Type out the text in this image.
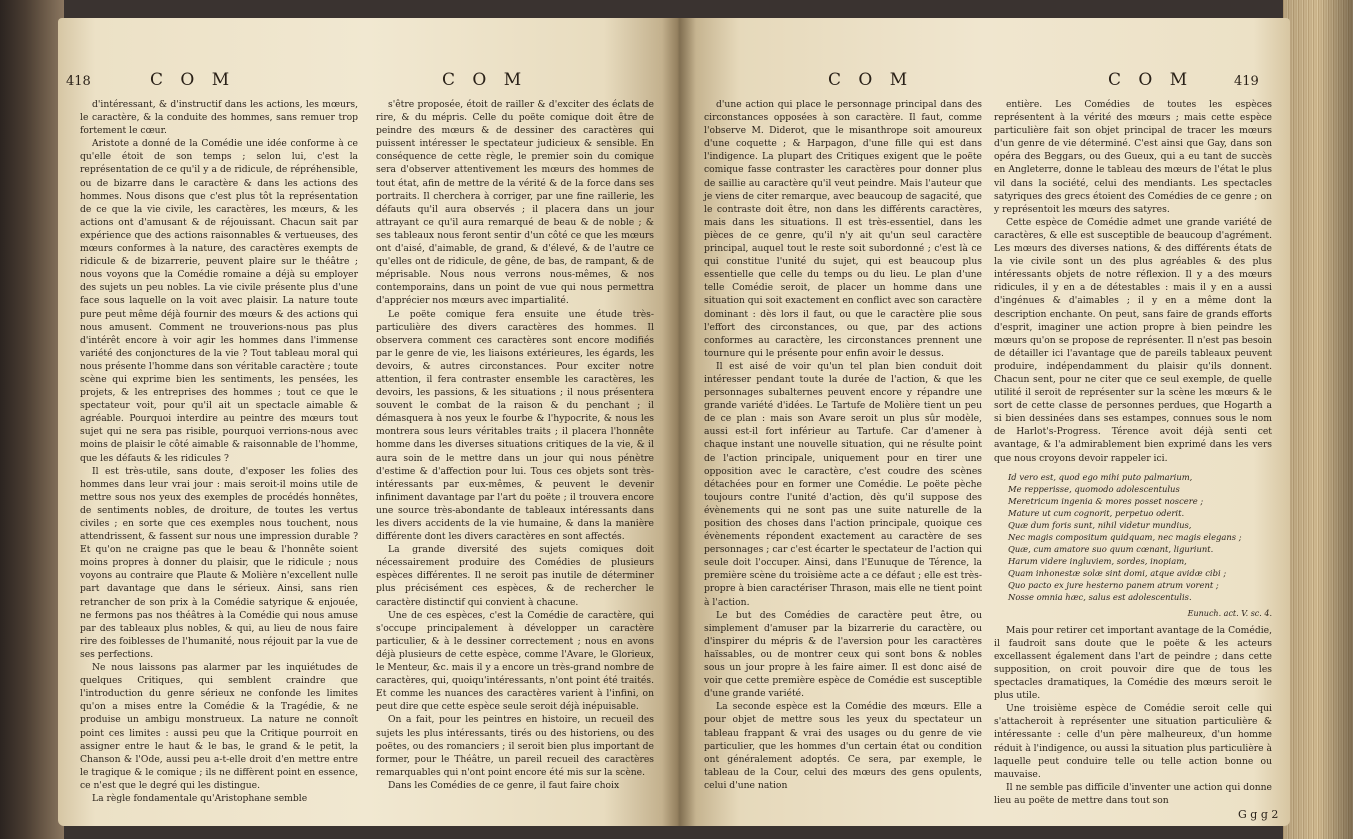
418	C O M	C O M

d'intéressant, & d'instructif dans les actions, les mœurs, le caractère, & la conduite des hommes, sans remuer trop fortement le cœur.

Aristote a donné de la Comédie une idée conforme à ce qu'elle étoit de son temps ; selon lui, c'est la représentation de ce qu'il y a de ridicule, de répréhensible, ou de bizarre dans le caractère & dans les actions des hommes. Nous disons que c'est plus tôt la représentation de ce que la vie civile, les caractères, les mœurs, & les actions ont d'amusant & de réjouissant. Chacun sait par expérience que des actions raisonnables & vertueuses, des mœurs conformes à la nature, des caractères exempts de ridicule & de bizarrerie, peuvent plaire sur le théâtre ; nous voyons que la Comédie romaine a déjà su employer des sujets un peu nobles. La vie civile présente plus d'une face sous laquelle on la voit avec plaisir. La nature toute pure peut même déjà fournir des mœurs & des actions qui nous amusent. Comment ne trouverions-nous pas plus d'intérêt encore à voir agir les hommes dans l'immense variété des conjonctures de la vie ? Tout tableau moral qui nous présente l'homme dans son véritable caractère ; toute scène qui exprime bien les sentiments, les pensées, les projets, & les entreprises des hommes ; tout ce que le spectateur voit, pour qu'il ait un spectacle aimable & agréable. Pourquoi interdire au peintre des mœurs tout sujet qui ne sera pas risible, pourquoi verrions-nous avec moins de plaisir le côté aimable & raisonnable de l'homme, que les défauts & les ridicules ?

Il est très-utile, sans doute, d'exposer les folies des hommes dans leur vrai jour : mais seroit-il moins utile de mettre sous nos yeux des exemples de procédés honnêtes, de sentiments nobles, de droiture, de toutes les vertus civiles ; en sorte que ces exemples nous touchent, nous attendrissent, & fassent sur nous une impression durable ? Et qu'on ne craigne pas que le beau & l'honnête soient moins propres à donner du plaisir, que le ridicule ; nous voyons au contraire que Plaute & Molière n'excellent nulle part davantage que dans le sérieux. Ainsi, sans rien retrancher de son prix à la Comédie satyrique & enjouée, ne fermons pas nos théâtres à la Comédie qui nous amuse par des tableaux plus nobles, & qui, au lieu de nous faire rire des foiblesses de l'humanité, nous réjouit par la vue de ses perfections.

Ne nous laissons pas alarmer par les inquiétudes de quelques Critiques, qui semblent craindre que l'introduction du genre sérieux ne confonde les limites qu'on a mises entre la Comédie & la Tragédie, & ne produise un ambigu monstrueux. La nature ne connoît point ces limites : aussi peu que la Critique pourroit en assigner entre le haut & le bas, le grand & le petit, la Chanson & l'Ode, aussi peu a-t-elle droit d'en mettre entre le tragique & le comique ; ils ne diffèrent point en essence, ce n'est que le degré qui les distingue.

La règle fondamentale qu'Aristophane semble

s'être proposée, étoit de railler & d'exciter des éclats de rire, & du mépris. Celle du poëte comique doit être de peindre des mœurs & de dessiner des caractères qui puissent intéresser le spectateur judicieux & sensible. En conséquence de cette règle, le premier soin du comique sera d'observer attentivement les mœurs des hommes de tout état, afin de mettre de la vérité & de la force dans ses portraits. Il cherchera à corriger, par une fine raillerie, les défauts qu'il aura observés ; il placera dans un jour attrayant ce qu'il aura remarqué de beau & de noble ; & ses tableaux nous feront sentir d'un côté ce que les mœurs ont d'aisé, d'aimable, de grand, & d'élevé, & de l'autre ce qu'elles ont de ridicule, de gêne, de bas, de rampant, & de méprisable. Nous nous verrons nous-mêmes, & nos contemporains, dans un point de vue qui nous permettra d'apprécier nos mœurs avec impartialité.

Le poëte comique fera ensuite une étude très-particulière des divers caractères des hommes. Il observera comment ces caractères sont encore modifiés par le genre de vie, les liaisons extérieures, les égards, les devoirs, & autres circonstances. Pour exciter notre attention, il fera contraster ensemble les caractères, les devoirs, les passions, & les situations ; il nous présentera souvent le combat de la raison & du penchant ; il démasquera à nos yeux le fourbe & l'hypocrite, & nous les montrera sous leurs véritables traits ; il placera l'honnête homme dans les diverses situations critiques de la vie, & il aura soin de le mettre dans un jour qui nous pénètre d'estime & d'affection pour lui. Tous ces objets sont très-intéressants par eux-mêmes, & peuvent le devenir infiniment davantage par l'art du poëte ; il trouvera encore une source très-abondante de tableaux intéressants dans les divers accidents de la vie humaine, & dans la manière différente dont les divers caractères en sont affectés.

La grande diversité des sujets comiques doit nécessairement produire des Comédies de plusieurs espèces différentes. Il ne seroit pas inutile de déterminer plus précisément ces espèces, & de rechercher le caractère distinctif qui convient à chacune.

Une de ces espèces, c'est la Comédie de caractère, qui s'occupe principalement à développer un caractère particulier, & à le dessiner correctement ; nous en avons déjà plusieurs de cette espèce, comme l'Avare, le Glorieux, le Menteur, &c. mais il y a encore un très-grand nombre de caractères, qui, quoiqu'intéressants, n'ont point été traités. Et comme les nuances des caractères varient à l'infini, on peut dire que cette espèce seule seroit déjà inépuisable.

On a fait, pour les peintres en histoire, un recueil des sujets les plus intéressants, tirés ou des historiens, ou des poëtes, ou des romanciers ; il seroit bien plus important de former, pour le Théâtre, un pareil recueil des caractères remarquables qui n'ont point encore été mis sur la scène.

Dans les Comédies de ce genre, il faut faire choix

C O M	C O M	419

d'une action qui place le personnage principal dans des circonstances opposées à son caractère. Il faut, comme l'observe M. Diderot, que le misanthrope soit amoureux d'une coquette ; & Harpagon, d'une fille qui est dans l'indigence. La plupart des Critiques exigent que le poëte comique fasse contraster les caractères pour donner plus de saillie au caractère qu'il veut peindre. Mais l'auteur que je viens de citer remarque, avec beaucoup de sagacité, que le contraste doit être, non dans les différents caractères, mais dans les situations. Il est très-essentiel, dans les pièces de ce genre, qu'il n'y ait qu'un seul caractère principal, auquel tout le reste soit subordonné ; c'est là ce qui constitue l'unité du sujet, qui est beaucoup plus essentielle que celle du temps ou du lieu. Le plan d'une telle Comédie seroit, de placer un homme dans une situation qui soit exactement en conflict avec son caractère dominant : dès lors il faut, ou que le caractère plie sous l'effort des circonstances, ou que, par des actions conformes au caractère, les circonstances prennent une tournure qui le présente pour enfin avoir le dessus.

Il est aisé de voir qu'un tel plan bien conduit doit intéresser pendant toute la durée de l'action, & que les personnages subalternes peuvent encore y répandre une grande variété d'idées. Le Tartufe de Molière tient un peu de ce plan : mais son Avare seroit un plus sûr modèle, aussi est-il fort inférieur au Tartufe. Car d'amener à chaque instant une nouvelle situation, qui ne résulte point de l'action principale, uniquement pour en tirer une opposition avec le caractère, c'est coudre des scènes détachées pour en former une Comédie. Le poëte pèche toujours contre l'unité d'action, dès qu'il suppose des évènements qui ne sont pas une suite naturelle de la position des choses dans l'action principale, quoique ces évènements répondent exactement au caractère de ses personnages ; car c'est écarter le spectateur de l'action qui seule doit l'occuper. Ainsi, dans l'Eunuque de Térence, la première scène du troisième acte a ce défaut ; elle est très-propre à bien caractériser Thrason, mais elle ne tient point à l'action.

Le but des Comédies de caractère peut être, ou simplement d'amuser par la bizarrerie du caractère, ou d'inspirer du mépris & de l'aversion pour les caractères haïssables, ou de montrer ceux qui sont bons & nobles sous un jour propre à les faire aimer. Il est donc aisé de voir que cette première espèce de Comédie est susceptible d'une grande variété.

La seconde espèce est la Comédie des mœurs. Elle a pour objet de mettre sous les yeux du spectateur un tableau frappant & vrai des usages ou du genre de vie particulier, que les hommes d'un certain état ou condition ont généralement adoptés. Ce sera, par exemple, le tableau de la Cour, celui des mœurs des gens opulents, celui d'une nation

entière. Les Comédies de toutes les espèces représentent à la vérité des mœurs ; mais cette espèce particulière fait son objet principal de tracer les mœurs d'un genre de vie déterminé. C'est ainsi que Gay, dans son opéra des Beggars, ou des Gueux, qui a eu tant de succès en Angleterre, donne le tableau des mœurs de l'état le plus vil dans la société, celui des mendiants. Les spectacles satyriques des grecs étoient des Comédies de ce genre ; on y représentoit les mœurs des satyres.

Cette espèce de Comédie admet une grande variété de caractères, & elle est susceptible de beaucoup d'agrément. Les mœurs des diverses nations, & des différents états de la vie civile sont un des plus agréables & des plus intéressants objets de notre réflexion. Il y a des mœurs ridicules, il y en a de détestables : mais il y en a aussi d'ingénues & d'aimables ; il y en a même dont la description enchante. On peut, sans faire de grands efforts d'esprit, imaginer une action propre à bien peindre les mœurs qu'on se propose de représenter. Il n'est pas besoin de détailler ici l'avantage que de pareils tableaux peuvent produire, indépendamment du plaisir qu'ils donnent. Chacun sent, pour ne citer que ce seul exemple, de quelle utilité il seroit de représenter sur la scène les mœurs & le sort de cette classe de personnes perdues, que Hogarth a si bien dessinées dans ses estampes, connues sous le nom de Harlot's-Progress. Térence avoit déjà senti cet avantage, & l'a admirablement bien exprimé dans les vers que nous croyons devoir rappeler ici.

Id vero est, quod ego mihi puto palmarium,
Me repperisse, quomodo adolescentulus
Meretricum ingenia & mores posset noscere ;
Mature ut cum cognorit, perpetuo oderit.
Quæ dum foris sunt, nihil videtur mundius,
Nec magis compositum quidquam, nec magis elegans ;
Quæ, cum amatore suo quum cœnant, liguriunt.
Harum videre ingluviem, sordes, inopiam,
Quam inhonestæ solæ sint domi, atque avidæ cibi ;
Quo pacto ex jure hesterno panem atrum vorent ;
Nosse omnia hæc, salus est adolescentulis.
Eunuch. act. V. sc. 4.

Mais pour retirer cet important avantage de la Comédie, il faudroit sans doute que le poëte & les acteurs excellassent également dans l'art de peindre ; dans cette supposition, on croit pouvoir dire que de tous les spectacles dramatiques, la Comédie des mœurs seroit le plus utile.

Une troisième espèce de Comédie seroit celle qui s'attacheroit à représenter une situation particulière & intéressante : celle d'un père malheureux, d'un homme réduit à l'indigence, ou aussi la situation plus particulière à laquelle peut conduire telle ou telle action bonne ou mauvaise.

Il ne semble pas difficile d'inventer une action qui donne lieu au poëte de mettre dans tout son

G g g 2
